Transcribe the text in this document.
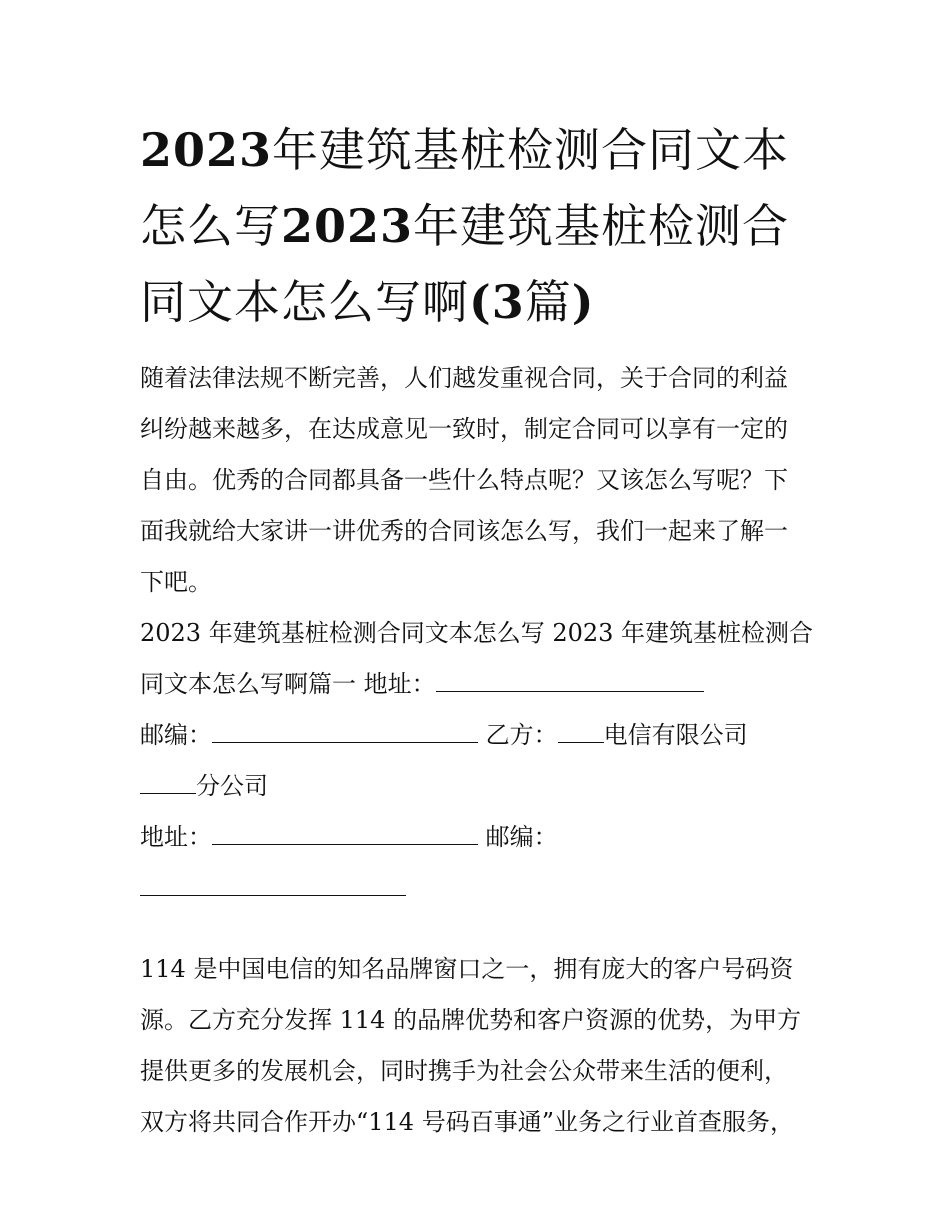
2023年建筑基桩检测合同文本怎么写2023年建筑基桩检测合同文本怎么写啊(3篇)

随着法律法规不断完善，人们越发重视合同，关于合同的利益
纠纷越来越多，在达成意见一致时，制定合同可以享有一定的
自由。优秀的合同都具备一些什么特点呢？又该怎么写呢？下
面我就给大家讲一讲优秀的合同该怎么写，我们一起来了解一
下吧。

2023 年建筑基桩检测合同文本怎么写 2023 年建筑基桩检测合
同文本怎么写啊篇一 地址：
邮编：	乙方： 电信有限公司
分公司
地址：	邮编：

114 是中国电信的知名品牌窗口之一，拥有庞大的客户号码资
源。乙方充分发挥 114 的品牌优势和客户资源的优势，为甲方
提供更多的发展机会，同时携手为社会公众带来生活的便利，
双方将共同合作开办“114 号码百事通”业务之行业首查服务，
